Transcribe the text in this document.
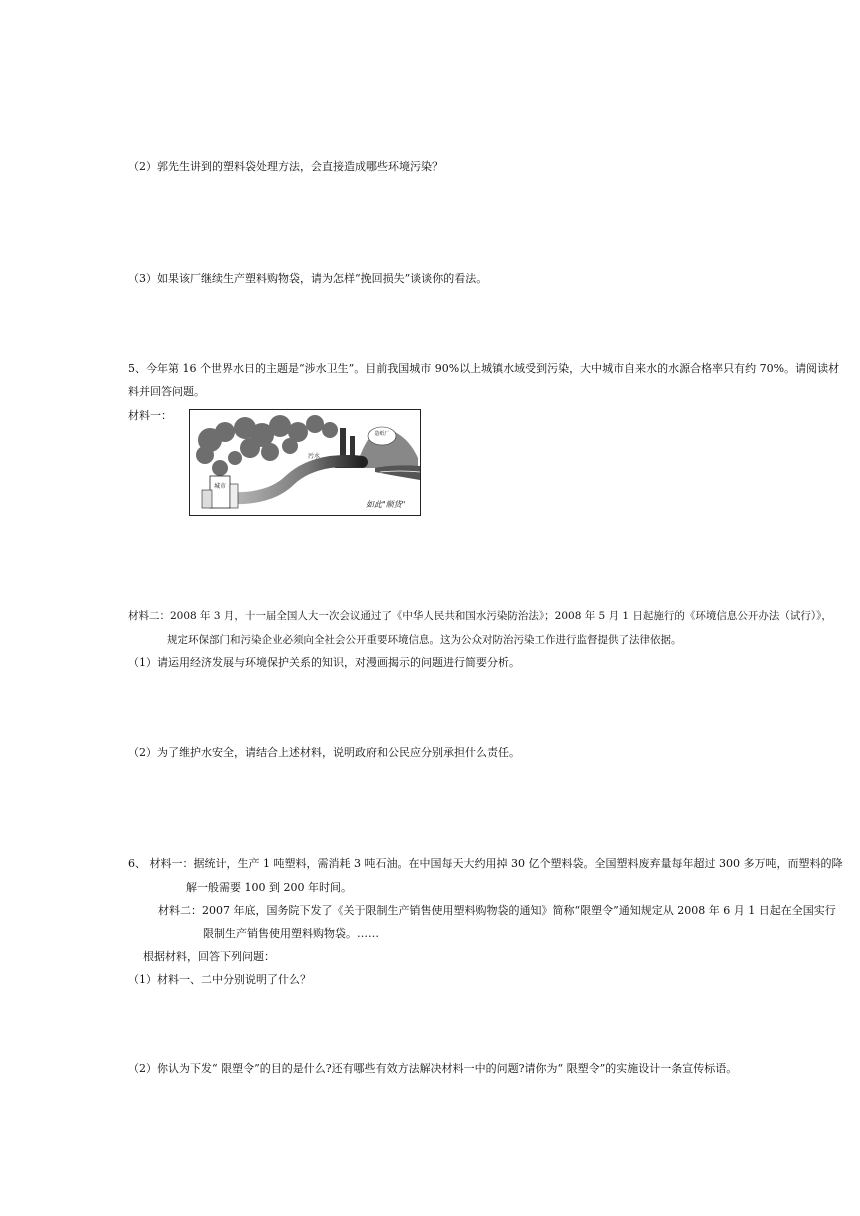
（2）郭先生讲到的塑料袋处理方法，会直接造成哪些环境污染？
（3）如果该厂继续生产塑料购物袋，请为怎样“挽回损失”谈谈你的看法。
5、今年第 16 个世界水日的主题是“涉水卫生”。目前我国城市 90%以上城镇水域受到污染，大中城市自来水的水源合格率只有约 70%。请阅读材
料并回答问题。
材料一：
造纸厂
污水
城市
如此"顺货"
材料二：2008 年 3 月，十一届全国人大一次会议通过了《中华人民共和国水污染防治法》；2008 年 5 月 1 日起施行的《环境信息公开办法（试行）》，
规定环保部门和污染企业必须向全社会公开重要环境信息。这为公众对防治污染工作进行监督提供了法律依据。
（1）请运用经济发展与环境保护关系的知识，对漫画揭示的问题进行简要分析。
（2）为了维护水安全，请结合上述材料，说明政府和公民应分别承担什么责任。
6、 材料一：据统计，生产 1 吨塑料，需消耗 3 吨石油。在中国每天大约用掉 30 亿个塑料袋。全国塑料废弃量每年超过 300 多万吨，而塑料的降
解一般需要 100 到 200 年时间。
材料二：2007 年底，国务院下发了《关于限制生产销售使用塑料购物袋的通知》简称“限塑令”通知规定从 2008 年 6 月 1 日起在全国实行
限制生产销售使用塑料购物袋。……
根据材料，回答下列问题：
（1）材料一、二中分别说明了什么？
（2）你认为下发“ 限塑令”的目的是什么?还有哪些有效方法解决材料一中的问题?请你为“ 限塑令”的实施设计一条宣传标语。
